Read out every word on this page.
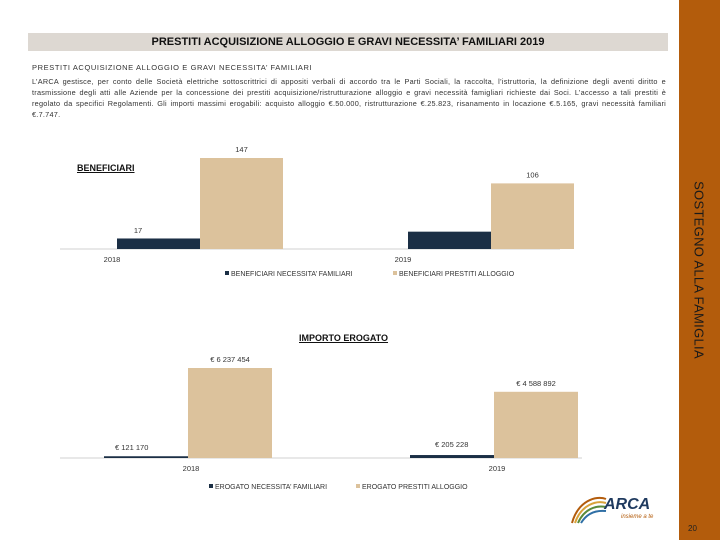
PRESTITI ACQUISIZIONE ALLOGGIO E GRAVI NECESSITA’ FAMILIARI 2019
PRESTITI ACQUISIZIONE ALLOGGIO E GRAVI NECESSITA’ FAMILIARI
L’ARCA gestisce, per conto delle Società elettriche sottoscrittrici di appositi verbali di accordo tra le Parti Sociali, la raccolta, l’istruttoria, la definizione degli aventi diritto e trasmissione degli atti alle Aziende per la concessione dei prestiti acquisizione/ristrutturazione alloggio e gravi necessità famigliari richieste dai Soci. L’accesso a tali prestiti è regolato da specifici Regolamenti. Gli importi massimi erogabili: acquisto alloggio €.50.000, ristrutturazione €.25.823, risanamento in locazione €.5.165, gravi necessità familiari €.7.747.
SOSTEGNO ALLA FAMIGLIA
BENEFICIARI
IMPORTO EROGATO
17
147
2018
106
2019
BENEFICIARI NECESSITA’ FAMILIARI	BENEFICIARI PRESTITI ALLOGGIO
€ 121 170
€ 6 237 454
2018
€ 205 228
€ 4 588 892
2019
EROGATO NECESSITA’ FAMILIARI	EROGATO PRESTITI ALLOGGIO
ARCA
insieme a te
20
